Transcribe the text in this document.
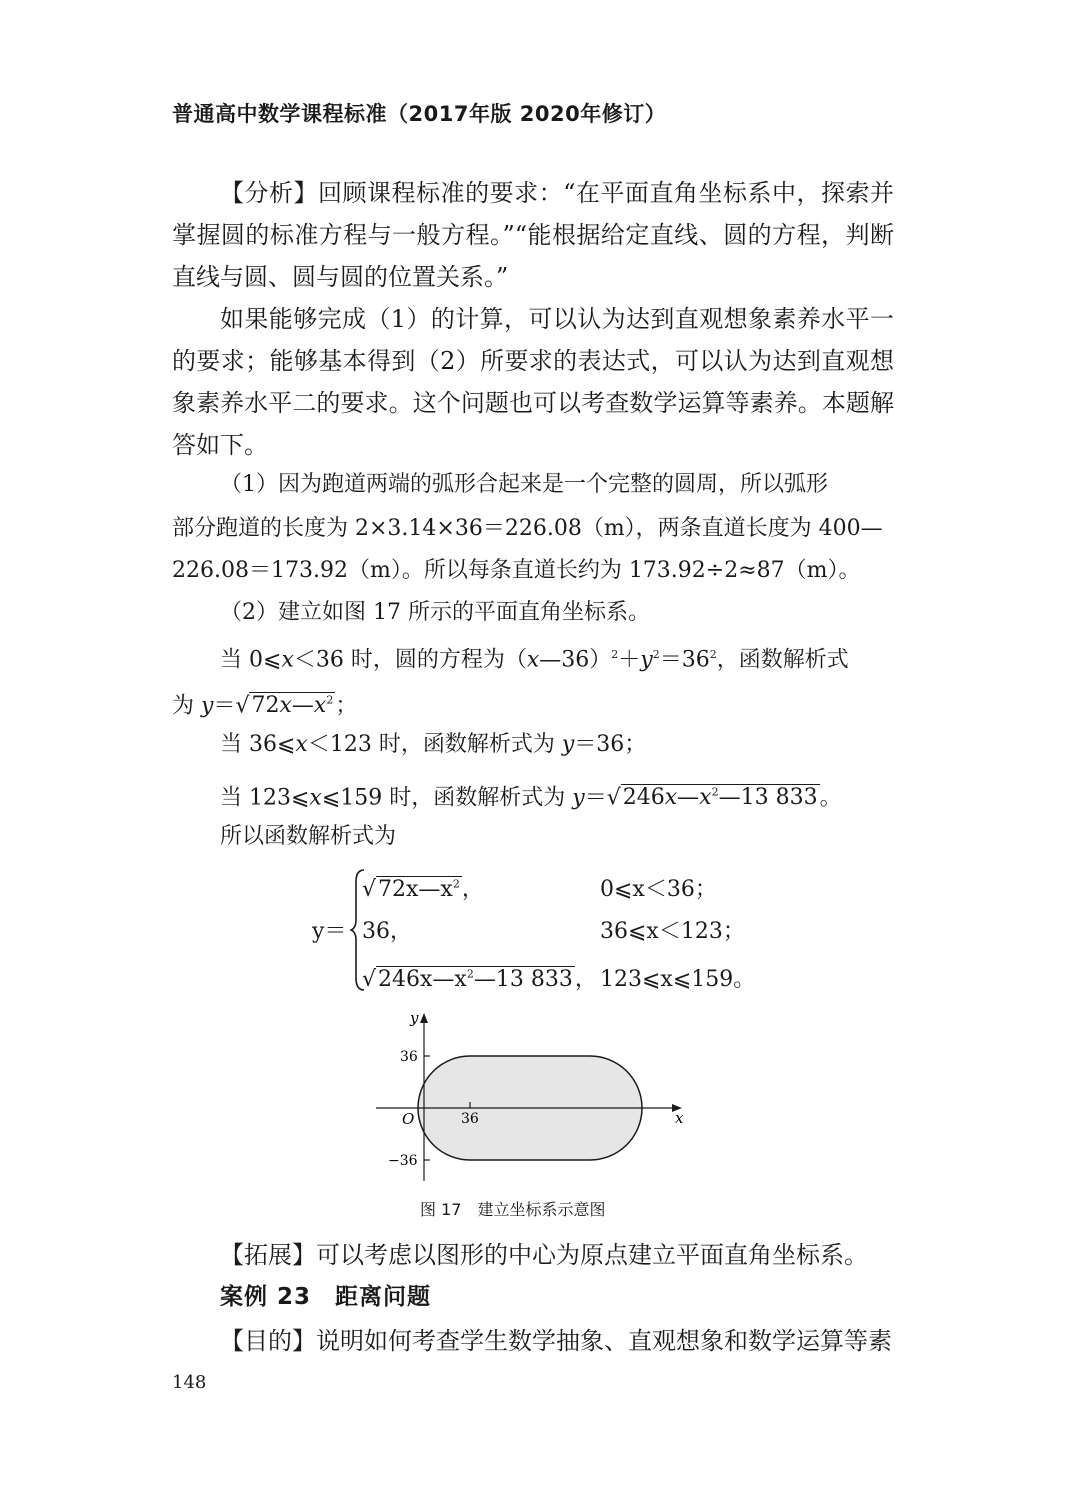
普通高中数学课程标准（2017年版 2020年修订）
【分析】回顾课程标准的要求：“在平面直角坐标系中，探索并掌握圆的标准方程与一般方程。”“能根据给定直线、圆的方程，判断直线与圆、圆与圆的位置关系。”
如果能够完成（1）的计算，可以认为达到直观想象素养水平一的要求；能够基本得到（2）所要求的表达式，可以认为达到直观想象素养水平二的要求。这个问题也可以考查数学运算等素养。本题解答如下。
（1）因为跑道两端的弧形合起来是一个完整的圆周，所以弧形
部分跑道的长度为 2×3.14×36＝226.08（m），两条直道长度为 400—
226.08＝173.92（m）。所以每条直道长约为 173.92÷2≈87（m）。
（2）建立如图 17 所示的平面直角坐标系。
当 0⩽x＜36 时，圆的方程为$(x—36)^2+y^2=36^2$，函数解析式
为 $y=√72x—x^2$；
当 36⩽x＜123 时，函数解析式为 y＝36；
当 123⩽x⩽159 时，函数解析式为 $y=√246x—x^2—13$ 833。
所以函数解析式为
y＝
$√72x—x^2$，	0⩽x＜36；
36，	36⩽x＜123；
$√246x—x^2—13$ 833， 123⩽x⩽159。
y
x
O
36
−36
36
图 17　建立坐标系示意图
【拓展】可以考虑以图形的中心为原点建立平面直角坐标系。
案例 23　距离问题
【目的】说明如何考查学生数学抽象、直观想象和数学运算等素
148
